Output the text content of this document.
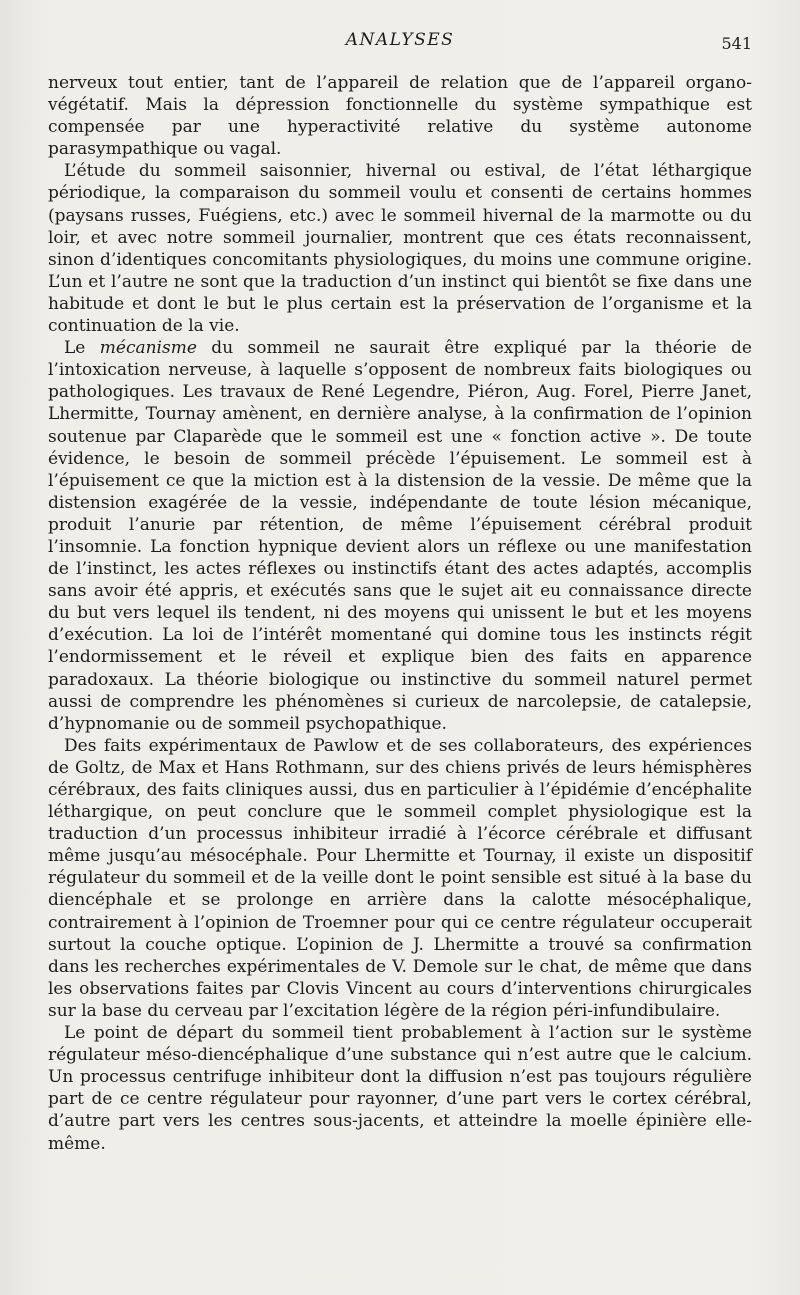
ANALYSES	541

nerveux tout entier, tant de l’appareil de relation que de l’appareil organo-végétatif. Mais la dépression fonctionnelle du système sympathique est compensée par une hyperactivité relative du système autonome parasympathique ou vagal.

L’étude du sommeil saisonnier, hivernal ou estival, de l’état léthargique périodique, la comparaison du sommeil voulu et consenti de certains hommes (paysans russes, Fuégiens, etc.) avec le sommeil hivernal de la marmotte ou du loir, et avec notre sommeil journalier, montrent que ces états reconnaissent, sinon d’identiques concomitants physiologiques, du moins une commune origine. L’un et l’autre ne sont que la traduction d’un instinct qui bientôt se fixe dans une habitude et dont le but le plus certain est la préservation de l’organisme et la continuation de la vie.

Le mécanisme du sommeil ne saurait être expliqué par la théorie de l’intoxication nerveuse, à laquelle s’opposent de nombreux faits biologiques ou pathologiques. Les travaux de René Legendre, Piéron, Aug. Forel, Pierre Janet, Lhermitte, Tournay amènent, en dernière analyse, à la confirmation de l’opinion soutenue par Claparède que le sommeil est une « fonction active ». De toute évidence, le besoin de sommeil précède l’épuisement. Le sommeil est à l’épuisement ce que la miction est à la distension de la vessie. De même que la distension exagérée de la vessie, indépendante de toute lésion mécanique, produit l’anurie par rétention, de même l’épuisement cérébral produit l’insomnie. La fonction hypnique devient alors un réflexe ou une manifestation de l’instinct, les actes réflexes ou instinctifs étant des actes adaptés, accomplis sans avoir été appris, et exécutés sans que le sujet ait eu connaissance directe du but vers lequel ils tendent, ni des moyens qui unissent le but et les moyens d’exécution. La loi de l’intérêt momentané qui domine tous les instincts régit l’endormissement et le réveil et explique bien des faits en apparence paradoxaux. La théorie biologique ou instinctive du sommeil naturel permet aussi de comprendre les phénomènes si curieux de narcolepsie, de catalepsie, d’hypnomanie ou de sommeil psychopathique.

Des faits expérimentaux de Pawlow et de ses collaborateurs, des expériences de Goltz, de Max et Hans Rothmann, sur des chiens privés de leurs hémisphères cérébraux, des faits cliniques aussi, dus en particulier à l’épidémie d’encéphalite léthargique, on peut conclure que le sommeil complet physiologique est la traduction d’un processus inhibiteur irradié à l’écorce cérébrale et diffusant même jusqu’au mésocéphale. Pour Lhermitte et Tournay, il existe un dispositif régulateur du sommeil et de la veille dont le point sensible est situé à la base du diencéphale et se prolonge en arrière dans la calotte mésocéphalique, contrairement à l’opinion de Troemner pour qui ce centre régulateur occuperait surtout la couche optique. L’opinion de J. Lhermitte a trouvé sa confirmation dans les recherches expérimentales de V. Demole sur le chat, de même que dans les observations faites par Clovis Vincent au cours d’interventions chirurgicales sur la base du cerveau par l’excitation légère de la région péri-infundibulaire.

Le point de départ du sommeil tient probablement à l’action sur le système régulateur méso-diencéphalique d’une substance qui n’est autre que le calcium. Un processus centrifuge inhibiteur dont la diffusion n’est pas toujours régulière part de ce centre régulateur pour rayonner, d’une part vers le cortex cérébral, d’autre part vers les centres sous-jacents, et atteindre la moelle épinière elle-même.
